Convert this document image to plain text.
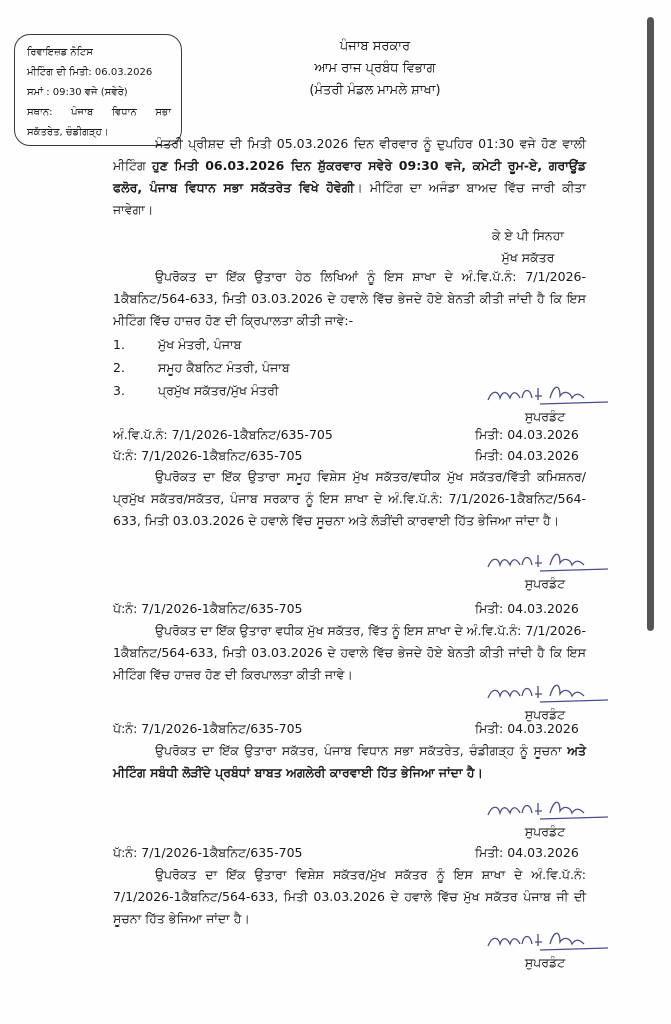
ਰਿਵਾਇਜ਼ਡ ਨੋਟਿਸ
ਮੀਟਿੰਗ ਦੀ ਮਿਤੀ: 06.03.2026
ਸਮਾਂ : 09:30 ਵਜੇ (ਸਵੇਰੇ)
ਸਥਾਨ: ਪੰਜਾਬ ਵਿਧਾਨ ਸਭਾ
ਸਕੱਤਰੇਤ, ਚੰਡੀਗੜ੍ਹ।
ਪੰਜਾਬ ਸਰਕਾਰ
ਆਮ ਰਾਜ ਪ੍ਰਬੰਧ ਵਿਭਾਗ
(ਮੰਤਰੀ ਮੰਡਲ ਮਾਮਲੇ ਸ਼ਾਖਾ)
ਮੰਤਰੀ ਪ੍ਰੀਸ਼ਦ ਦੀ ਮਿਤੀ 05.03.2026 ਦਿਨ ਵੀਰਵਾਰ ਨੂੰ ਦੁਪਹਿਰ 01:30 ਵਜੇ ਹੋਣ ਵਾਲੀ ਮੀਟਿੰਗ ਹੁਣ ਮਿਤੀ 06.03.2026 ਦਿਨ ਸ਼ੁੱਕਰਵਾਰ ਸਵੇਰੇ 09:30 ਵਜੇ, ਕਮੇਟੀ ਰੂਮ-ਏ, ਗਰਾਊਂਡ ਫਲੋਰ, ਪੰਜਾਬ ਵਿਧਾਨ ਸਭਾ ਸਕੱਤਰੇਤ ਵਿਖੇ ਹੋਵੇਗੀ। ਮੀਟਿੰਗ ਦਾ ਅਜੰਡਾ ਬਾਅਦ ਵਿੱਚ ਜਾਰੀ ਕੀਤਾ ਜਾਵੇਗਾ।
ਕੇ ਏ ਪੀ ਸਿਨਹਾ
ਮੁੱਖ ਸਕੱਤਰ
ਉਪਰੋਕਤ ਦਾ ਇੱਕ ਉਤਾਰਾ ਹੇਠ ਲਿਖਿਆਂ ਨੂੰ ਇਸ ਸ਼ਾਖਾ ਦੇ ਅੰ.ਵਿ.ਪੱ.ਨੰ: 7/1/2026-1ਕੈਬਨਿਟ/564-633, ਮਿਤੀ 03.03.2026 ਦੇ ਹਵਾਲੇ ਵਿੱਚ ਭੇਜਦੇ ਹੋਏ ਬੇਨਤੀ ਕੀਤੀ ਜਾਂਦੀ ਹੈ ਕਿ ਇਸ ਮੀਟਿੰਗ ਵਿੱਚ ਹਾਜ਼ਰ ਹੋਣ ਦੀ ਕ੍ਰਿਪਾਲਤਾ ਕੀਤੀ ਜਾਵੇ:-
1.	ਮੁੱਖ ਮੰਤਰੀ, ਪੰਜਾਬ
2.	ਸਮੂਹ ਕੈਬਨਿਟ ਮੰਤਰੀ, ਪੰਜਾਬ
3.	ਪ੍ਰਮੁੱਖ ਸਕੱਤਰ/ਮੁੱਖ ਮੰਤਰੀ
ਸੁਪਰਡੰਟ
ਅੰ.ਵਿ.ਪੱ.ਨੰ: 7/1/2026-1ਕੈਬਨਿਟ/635-705	ਮਿਤੀ: 04.03.2026
ਪੱ:ਨੰ: 7/1/2026-1ਕੈਬਨਿਟ/635-705	ਮਿਤੀ: 04.03.2026
ਉਪਰੋਕਤ ਦਾ ਇੱਕ ਉਤਾਰਾ ਸਮੂਹ ਵਿਸ਼ੇਸ ਮੁੱਖ ਸਕੱਤਰ/ਵਧੀਕ ਮੁੱਖ ਸਕੱਤਰ/ਵਿੱਤੀ ਕਮਿਸ਼ਨਰ/ਪ੍ਰਮੁੱਖ ਸਕੱਤਰ/ਸਕੱਤਰ, ਪੰਜਾਬ ਸਰਕਾਰ ਨੂੰ ਇਸ ਸ਼ਾਖਾ ਦੇ ਅੰ.ਵਿ.ਪੱ.ਨੰ: 7/1/2026-1ਕੈਬਨਿਟ/564-633, ਮਿਤੀ 03.03.2026 ਦੇ ਹਵਾਲੇ ਵਿੱਚ ਸੂਚਨਾ ਅਤੇ ਲੋੜੀਂਦੀ ਕਾਰਵਾਈ ਹਿੱਤ ਭੇਜਿਆ ਜਾਂਦਾ ਹੈ।
ਸੁਪਰਡੰਟ
ਪੱ:ਨੰ: 7/1/2026-1ਕੈਬਨਿਟ/635-705	ਮਿਤੀ: 04.03.2026
ਉਪਰੋਕਤ ਦਾ ਇੱਕ ਉਤਾਰਾ ਵਧੀਕ ਮੁੱਖ ਸਕੱਤਰ, ਵਿੱਤ ਨੂੰ ਇਸ ਸ਼ਾਖਾ ਦੇ ਅੰ.ਵਿ.ਪੱ.ਨੰ: 7/1/2026-1ਕੈਬਨਿਟ/564-633, ਮਿਤੀ 03.03.2026 ਦੇ ਹਵਾਲੇ ਵਿੱਚ ਭੇਜਦੇ ਹੋਏ ਬੇਨਤੀ ਕੀਤੀ ਜਾਂਦੀ ਹੈ ਕਿ ਇਸ ਮੀਟਿੰਗ ਵਿੱਚ ਹਾਜ਼ਰ ਹੋਣ ਦੀ ਕਿਰਪਾਲਤਾ ਕੀਤੀ ਜਾਵੇ।
ਸੁਪਰਡੰਟ
ਪੱ:ਨੰ: 7/1/2026-1ਕੈਬਨਿਟ/635-705	ਮਿਤੀ: 04.03.2026
ਉਪਰੋਕਤ ਦਾ ਇੱਕ ਉਤਾਰਾ ਸਕੱਤਰ, ਪੰਜਾਬ ਵਿਧਾਨ ਸਭਾ ਸਕੱਤਰੇਤ, ਚੰਡੀਗੜ੍ਹ ਨੂੰ ਸੂਚਨਾ ਅਤੇ ਮੀਟਿੰਗ ਸਬੰਧੀ ਲੋੜੀਂਦੇ ਪ੍ਰਬੰਧਾਂ ਬਾਬਤ ਅਗਲੇਰੀ ਕਾਰਵਾਈ ਹਿੱਤ ਭੇਜਿਆ ਜਾਂਦਾ ਹੈ।
ਸੁਪਰਡੰਟ
ਪੱ:ਨੰ: 7/1/2026-1ਕੈਬਨਿਟ/635-705	ਮਿਤੀ: 04.03.2026
ਉਪਰੋਕਤ ਦਾ ਇੱਕ ਉਤਾਰਾ ਵਿਸ਼ੇਸ਼ ਸਕੱਤਰ/ਮੁੱਖ ਸਕੱਤਰ ਨੂੰ ਇਸ ਸ਼ਾਖਾ ਦੇ ਅੰ.ਵਿ.ਪੱ.ਨੰ: 7/1/2026-1ਕੈਬਨਿਟ/564-633, ਮਿਤੀ 03.03.2026 ਦੇ ਹਵਾਲੇ ਵਿੱਚ ਮੁੱਖ ਸਕੱਤਰ ਪੰਜਾਬ ਜੀ ਦੀ ਸੂਚਨਾ ਹਿੱਤ ਭੇਜਿਆ ਜਾਂਦਾ ਹੈ।
ਸੁਪਰਡੰਟ
